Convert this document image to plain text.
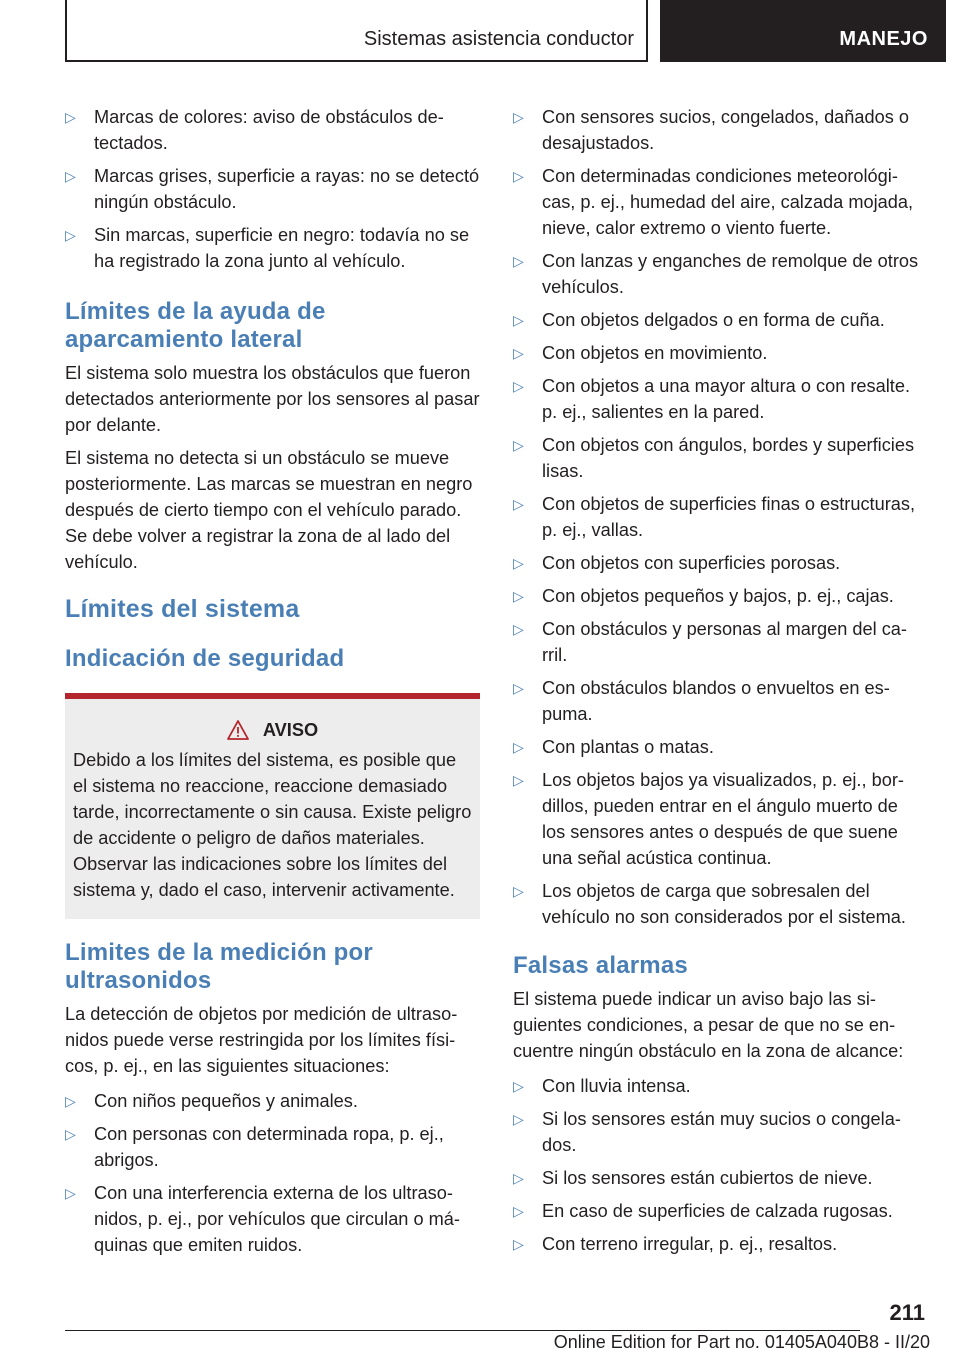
Sistemas asistencia conductor	MANEJO
▷ Marcas de colores: aviso de obstáculos detectados.
▷ Marcas grises, superficie a rayas: no se detectó ningún obstáculo.
▷ Sin marcas, superficie en negro: todavía no se ha registrado la zona junto al vehículo.
Límites de la ayuda de aparcamiento lateral

El sistema solo muestra los obstáculos que fueron detectados anteriormente por los sensores al pasar por delante.

El sistema no detecta si un obstáculo se mueve posteriormente. Las marcas se muestran en negro después de cierto tiempo con el vehículo parado. Se debe volver a registrar la zona de al lado del vehículo.

Límites del sistema
Indicación de seguridad
AVISO

Debido a los límites del sistema, es posible que el sistema no reaccione, reaccione demasiado tarde, incorrectamente o sin causa. Existe peligro de accidente o peligro de daños materiales. Observar las indicaciones sobre los límites del sistema y, dado el caso, intervenir activamente.

Limites de la medición por ultrasonidos

La detección de objetos por medición de ultrasonidos puede verse restringida por los límites físicos, p. ej., en las siguientes situaciones:

▷ Con niños pequeños y animales.
▷ Con personas con determinada ropa, p. ej., abrigos.
▷ Con una interferencia externa de los ultrasonidos, p. ej., por vehículos que circulan o máquinas que emiten ruidos.
▷ Con sensores sucios, congelados, dañados o desajustados.
▷ Con determinadas condiciones meteorológicas, p. ej., humedad del aire, calzada mojada, nieve, calor extremo o viento fuerte.
▷ Con lanzas y enganches de remolque de otros vehículos.
▷ Con objetos delgados o en forma de cuña.
▷ Con objetos en movimiento.
▷ Con objetos a una mayor altura o con resalte. p. ej., salientes en la pared.
▷ Con objetos con ángulos, bordes y superficies lisas.
▷ Con objetos de superficies finas o estructuras, p. ej., vallas.
▷ Con objetos con superficies porosas.
▷ Con objetos pequeños y bajos, p. ej., cajas.
▷ Con obstáculos y personas al margen del carril.
▷ Con obstáculos blandos o envueltos en espuma.
▷ Con plantas o matas.
▷ Los objetos bajos ya visualizados, p. ej., bordillos, pueden entrar en el ángulo muerto de los sensores antes o después de que suene una señal acústica continua.
▷ Los objetos de carga que sobresalen del vehículo no son considerados por el sistema.
Falsas alarmas

El sistema puede indicar un aviso bajo las siguientes condiciones, a pesar de que no se encuentre ningún obstáculo en la zona de alcance:

▷ Con lluvia intensa.
▷ Si los sensores están muy sucios o congelados.
▷ Si los sensores están cubiertos de nieve.
▷ En caso de superficies de calzada rugosas.
▷ Con terreno irregular, p. ej., resaltos.
211
Online Edition for Part no. 01405A040B8 - II/20
